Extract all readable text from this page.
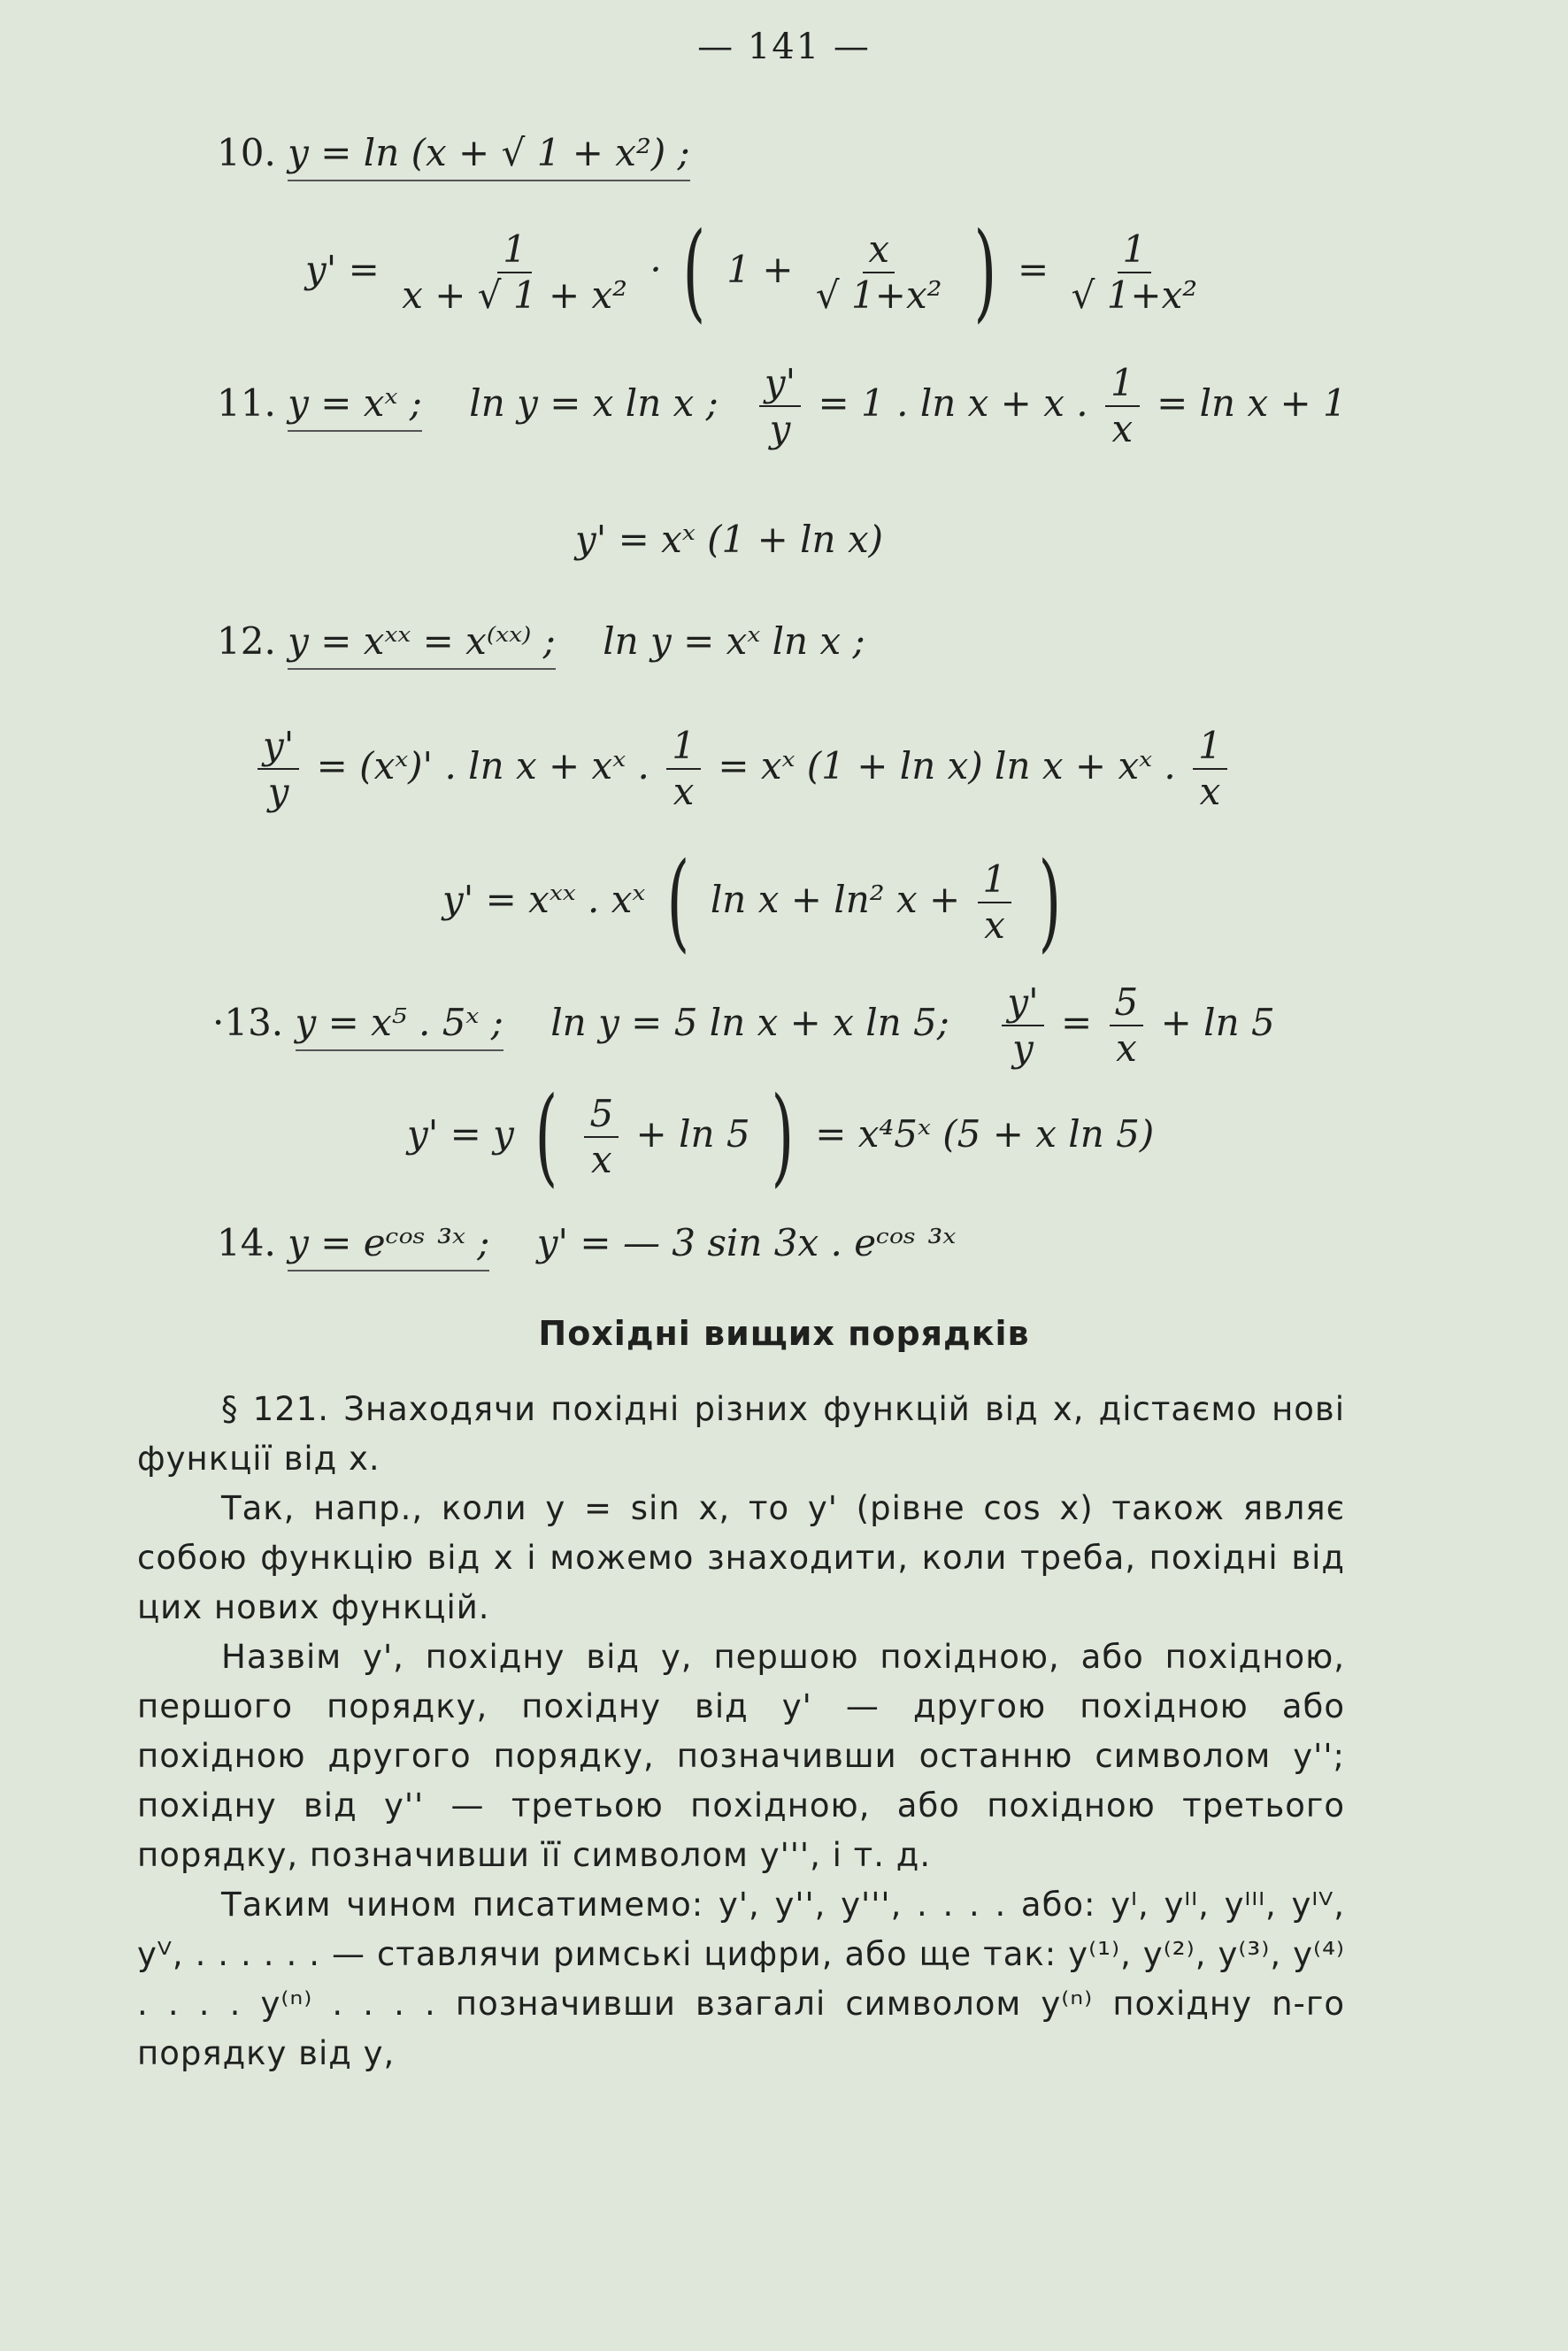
— 141 —
10. y = ln (x + √ 1 + x²) ;
$y' = \frac{1}{\text{x + √ 1 + x²}}$ · ( $1 + \frac{x}{\text{√ 1+x²}}$ ) = $\frac{1}{\text{√ 1+x²}}$
11. y = xˣ ; ln y = x ln x ; $\frac{y'}{y} = 1$ . ln x + x . $\frac{1}{x} = \ln x + 1$
y' = xˣ (1 + ln x)
12. y = xˣˣ = x⁽ˣˣ⁾ ; ln y = xˣ ln x ;
$\frac{y'}{y}$ = (xˣ)' . ln x + xˣ . $\frac{1}{x}$ = xˣ (1 + ln x) ln x + xˣ . $\frac{1}{x}$
y' = xˣˣ . xˣ ( ln x + ln² $x + \frac{1}{x}$ )
·13. y = x⁵ . 5ˣ ; ln y = 5 ln x + x ln 5; $\frac{y'}{y} = \frac{5}{x} + \ln 5$
y' = y ( $\frac{5}{x} + \ln 5$ ) = x⁴5ˣ (5 + x ln 5)
14. y = eᶜᵒˢ ³ˣ ; y' = — 3 sin 3x . eᶜᵒˢ ³ˣ
Похідні вищих порядків

§ 121. Знаходячи похідні різних функцій від x, дістаємо нові функції від x.

Так, напр., коли y = sin x, то y' (рівне cos x) також являє собою функцію від x і можемо знаходити, коли треба, похідні від цих нових функцій.

Назвім y', похідну від y, першою похідною, або похідною, першого порядку, похідну від y' — другою похідною або похідною другого порядку, позначивши останню символом y''; похідну від y'' — третьою похідною, або похідною третього порядку, позначивши її символом y''', і т. д.

Таким чином писатимемо: y', y'', y''', . . . . або: yᴵ, yᴵᴵ, yᴵᴵᴵ, yᴵⱽ, yⱽ, . . . . . . — ставлячи римські цифри, або ще так: y⁽¹⁾, y⁽²⁾, y⁽³⁾, y⁽⁴⁾ . . . . y⁽ⁿ⁾ . . . . позначивши взагалі символом y⁽ⁿ⁾ похідну n-го порядку від y,
